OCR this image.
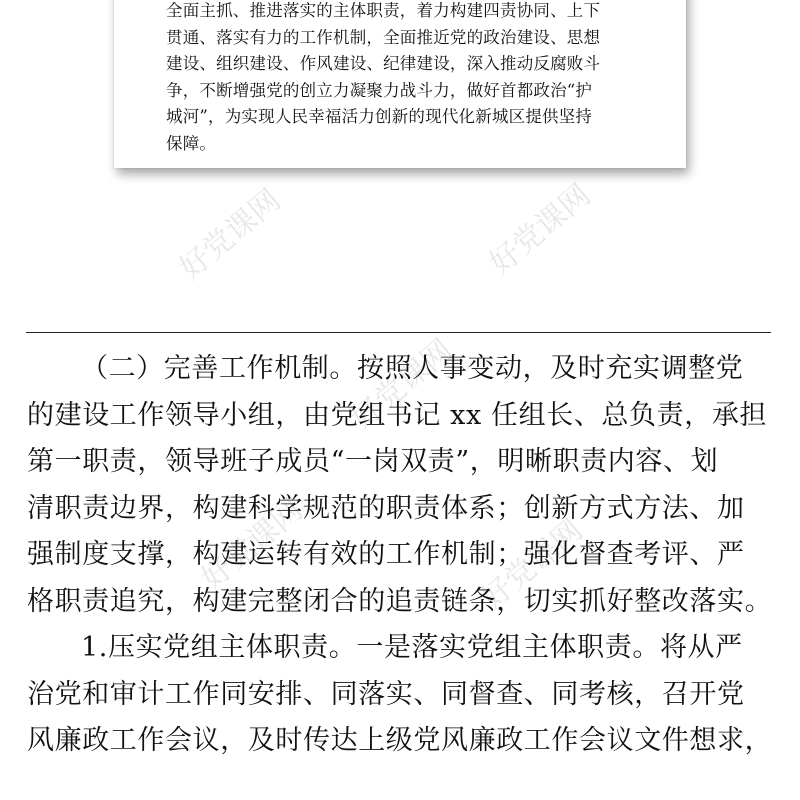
全面主抓、推进落实的主体职责，着力构建四责协同、上下
贯通、落实有力的工作机制，全面推近党的政治建设、思想
建设、组织建设、作风建设、纪律建设，深入推动反腐败斗
争，不断增强党的创立力凝聚力战斗力，做好首都政治“护
城河”，为实现人民幸福活力创新的现代化新城区提供坚持
保障。
好党课网	好党课网
好党课网
好党课网	好党课网
（二）完善工作机制。按照人事变动，及时充实调整党
的建设工作领导小组，由党组书记 xx 任组长、总负责，承担
第一职责，领导班子成员“一岗双责”，明晰职责内容、划
清职责边界，构建科学规范的职责体系；创新方式方法、加
强制度支撑，构建运转有效的工作机制；强化督查考评、严
格职责追究，构建完整闭合的追责链条，切实抓好整改落实。
1.压实党组主体职责。一是落实党组主体职责。将从严
治党和审计工作同安排、同落实、同督查、同考核，召开党
风廉政工作会议，及时传达上级党风廉政工作会议文件想求，
